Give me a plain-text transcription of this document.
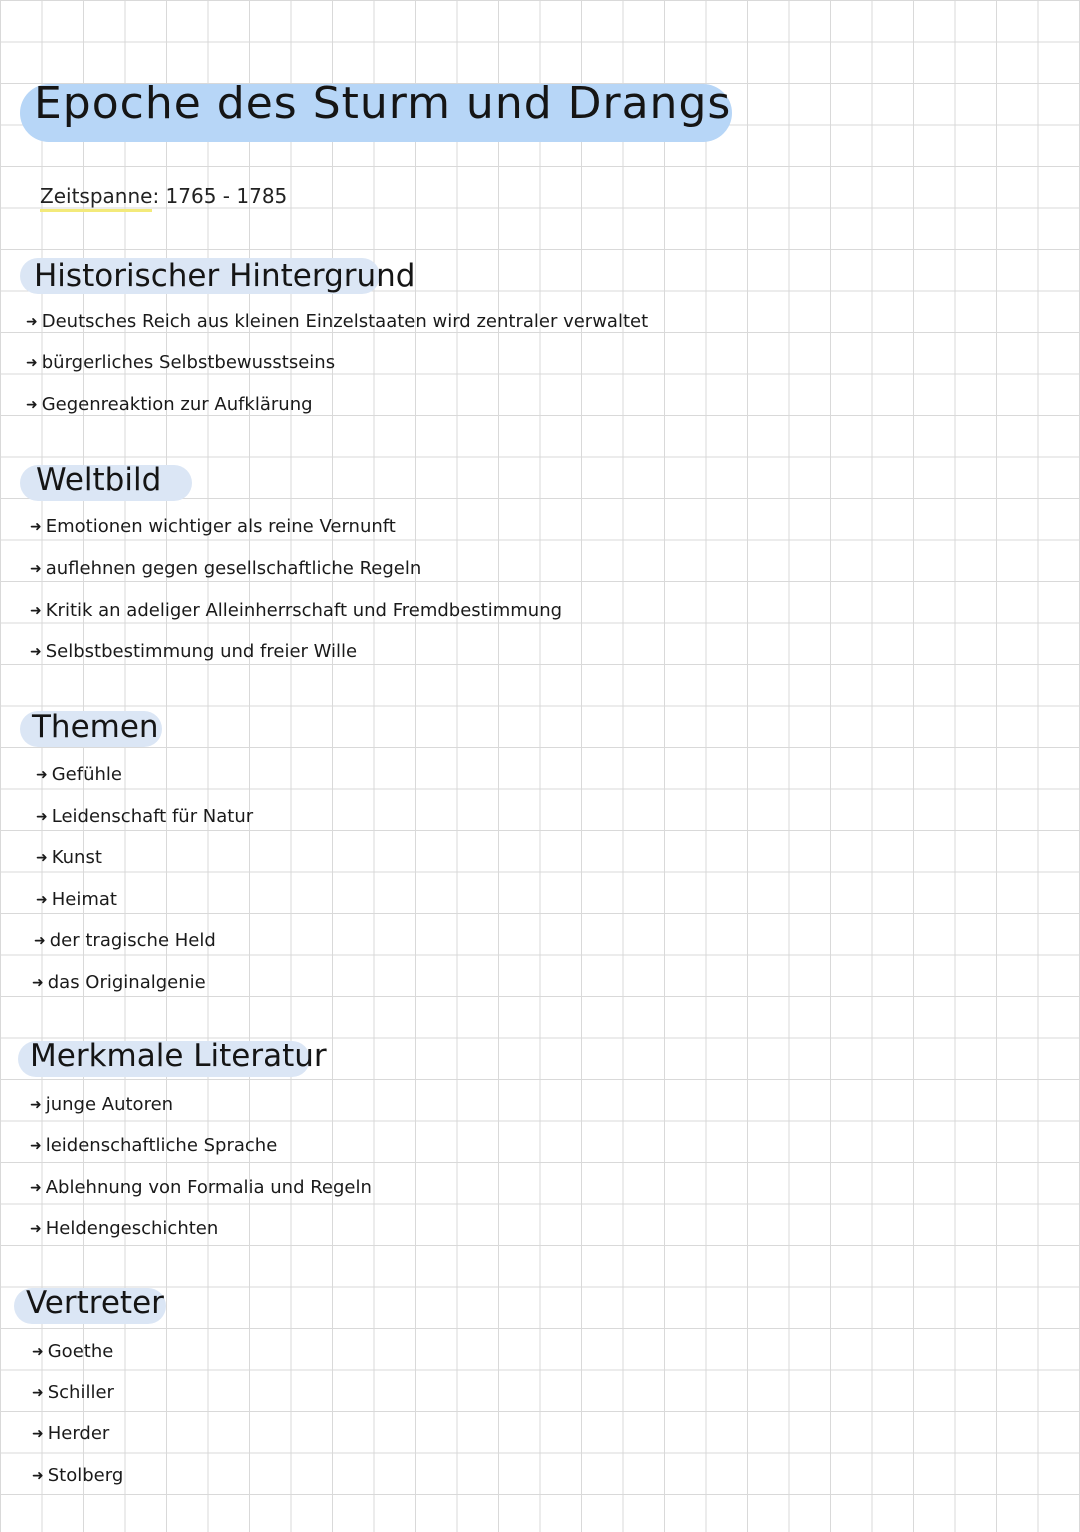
Epoche des Sturm und Drangs
Zeitspanne: 1765 - 1785
Historischer Hintergrund
➜ Deutsches Reich aus kleinen Einzelstaaten wird zentraler verwaltet
➜ bürgerliches Selbstbewusstseins
➜ Gegenreaktion zur Aufklärung
Weltbild
➜ Emotionen wichtiger als reine Vernunft
➜ auflehnen gegen gesellschaftliche Regeln
➜ Kritik an adeliger Alleinherrschaft und Fremdbestimmung
➜ Selbstbestimmung und freier Wille
Themen
➜ Gefühle
➜ Leidenschaft für Natur
➜ Kunst
➜ Heimat
➜ der tragische Held
➜ das Originalgenie
Merkmale Literatur
➜ junge Autoren
➜ leidenschaftliche Sprache
➜ Ablehnung von Formalia und Regeln
➜ Heldengeschichten
Vertreter
➜ Goethe
➜ Schiller
➜ Herder
➜ Stolberg
